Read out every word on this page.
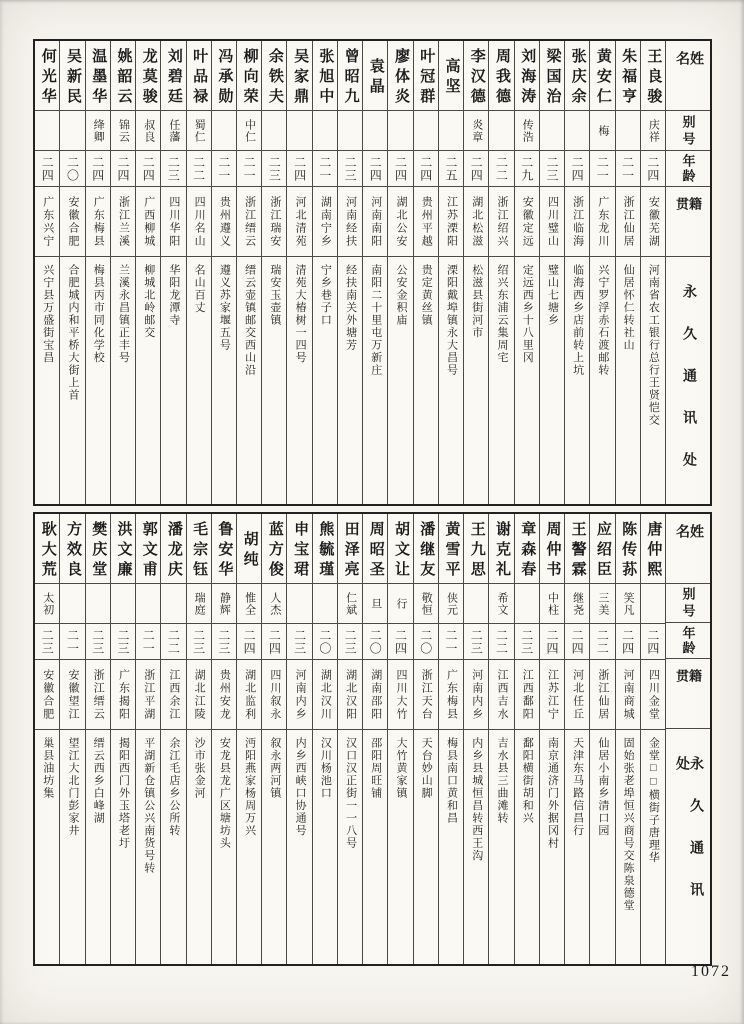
姓名
别号
年龄
籍贯
永久通讯处
王良骏
庆祥
二四
安徽芜湖
河南省农工银行总行王贤恺交
朱福亨
二一
浙江仙居
仙居怀仁转社山
黄安仁
梅
二一
广东龙川
兴宁罗浮赤石渡邮转
张庆余
二四
浙江临海
临海西乡店前转上坑
梁国治
二三
四川璧山
璧山七塘乡
刘海涛
传浩
二九
安徽定远
定远西乡十八里冈
周我德
二二
浙江绍兴
绍兴东浦云集周宅
李汉德
炎章
二四
湖北松滋
松滋县街河市
高坚
二五
江苏溧阳
溧阳戴埠镇永大昌号
叶冠群
二四
贵州平越
贵定黄丝镇
廖体炎
二四
湖北公安
公安金积庙
袁晶
二四
河南南阳
南阳二十里屯万新庄
曾昭九
二三
河南经扶
经扶南关外塘芳
张旭中
二一
湖南宁乡
宁乡巷子口
吴家鼎
二四
河北清苑
清苑大椿树一四号
余铁夫
二三
浙江瑞安
瑞安玉壶镇
柳向荣
中仁
二一
浙江缙云
缙云壶镇邮交西山沿
冯承勋
二一
贵州遵义
遵义苏家堰五号
叶品禄
蜀仁
二二
四川名山
名山百丈
刘碧廷
任藩
二三
四川华阳
华阳龙潭寺
龙莫骏
叔良
二四
广西柳城
柳城北岭邮交
姚韶云
锦云
二四
浙江兰溪
兰溪永昌镇正丰号
温墨华
绛卿
二四
广东梅县
梅县丙市同化学校
吴新民
二〇
安徽合肥
合肥城内和平桥大街上首
何光华
二四
广东兴宁
兴宁县万盛街宝昌
姓名
别号
年龄
籍贯
永久通讯处
唐仲熙
二四
四川金堂
金堂□□横街子唐理华
陈传荪
笑凡
二四
河南商城
固始张老埠恒兴商号交陈泉德堂
应绍臣
三美
二二
浙江仙居
仙居小南乡清口园
王謷霖
继尧
二四
河北任丘
天津东马路信昌行
周仲书
中柱
二四
江苏江宁
南京通济门外据冈村
章森春
二三
江西鄱阳
鄱阳横街胡和兴
谢克礼
希文
二二
江西吉水
吉水县三曲滩转
王九思
二三
河南内乡
内乡县城恒昌转西王沟
黄雪平
侠元
二一
广东梅县
梅县南口黄和昌
潘继友
敬恒
二〇
浙江天台
天台妙山脚
胡文让
行
二四
四川大竹
大竹黄家镇
周昭圣
旦
二〇
湖南邵阳
邵阳周旺铺
田泽亮
仁斌
二三
湖北汉阳
汉口汉正街一一八号
熊毓瑾
二〇
湖北汉川
汉川杨池口
申宝珺
二三
河南内乡
内乡西峡口协通号
蓝方俊
人杰
二四
四川叙永
叙永两河镇
胡纯
惟全
二四
湖北监利
沔阳燕家杨周万兴
鲁安华
静辉
二三
贵州安龙
安龙县龙广区塘坊头
毛宗钰
瑞庭
二三
湖北江陵
沙市张金河
潘龙庆
二二
江西余江
余江毛店乡公所转
郭文甫
二一
浙江平湖
平湖新仓镇公兴南货号转
洪文廉
二三
广东揭阳
揭阳西门外玉塔老圩
樊庆堂
二三
浙江缙云
缙云西乡白峰湖
方效良
二一
安徽望江
望江大北门彭家井
耿大荒
太初
二三
安徽合肥
巢县油坊集
1072
